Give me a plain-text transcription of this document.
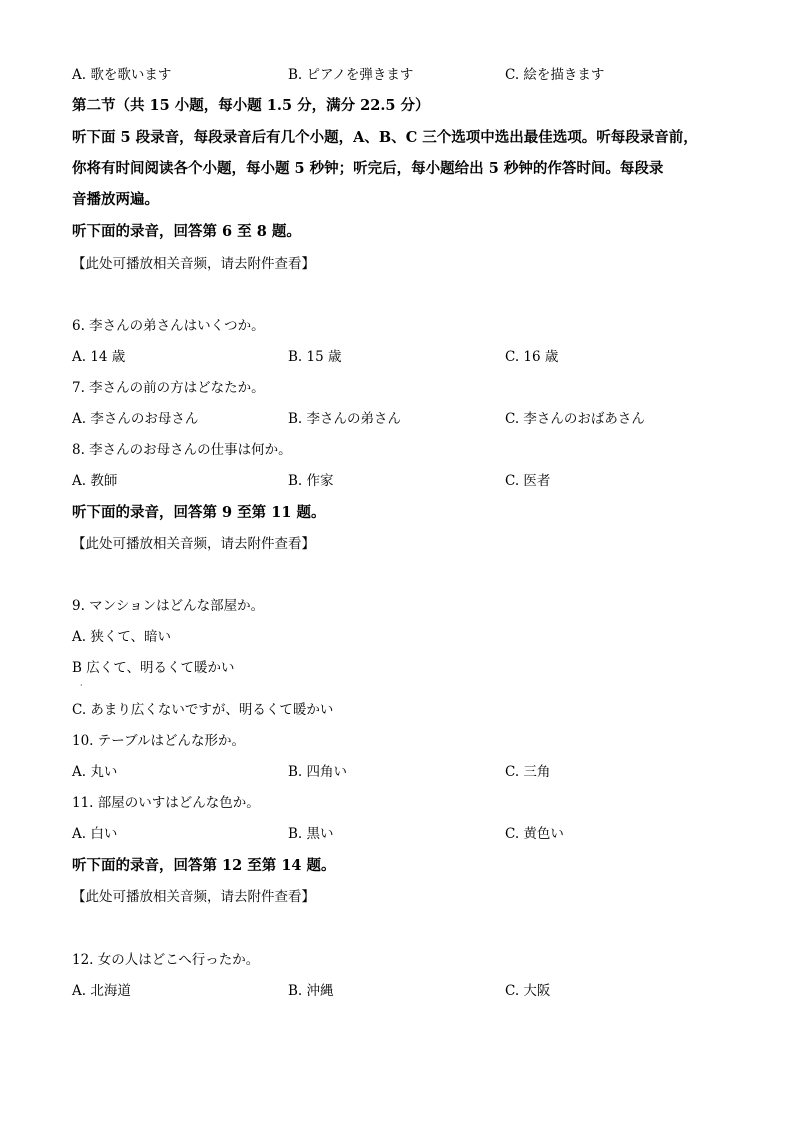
A. 歌を歌います	B. ピアノを弾きます	C. 絵を描きます
第二节（共 15 小题，每小题 1.5 分，满分 22.5 分）
听下面 5 段录音，每段录音后有几个小题，A、B、C 三个选项中选出最佳选项。听每段录音前，
你将有时间阅读各个小题，每小题 5 秒钟；听完后，每小题给出 5 秒钟的作答时间。每段录
音播放两遍。
听下面的录音，回答第 6 至 8 题。
【此处可播放相关音频，请去附件查看】
6. 李さんの弟さんはいくつか。
A. 14 歳	B. 15 歳	C. 16 歳
7. 李さんの前の方はどなたか。
A. 李さんのお母さん	B. 李さんの弟さん	C. 李さんのおばあさん
8. 李さんのお母さんの仕事は何か。
A. 教師	B. 作家	C. 医者
听下面的录音，回答第 9 至第 11 题。
【此处可播放相关音频，请去附件查看】
9. マンションはどんな部屋か。
A. 狭くて、暗い
B 広くて、明るくて暖かい
·
C. あまり広くないですが、明るくて暖かい
10. テーブルはどんな形か。
A. 丸い	B. 四角い	C. 三角
11. 部屋のいすはどんな色か。
A. 白い	B. 黒い	C. 黄色い
听下面的录音，回答第 12 至第 14 题。
【此处可播放相关音频，请去附件查看】
12. 女の人はどこへ行ったか。
A. 北海道	B. 沖縄	C. 大阪
